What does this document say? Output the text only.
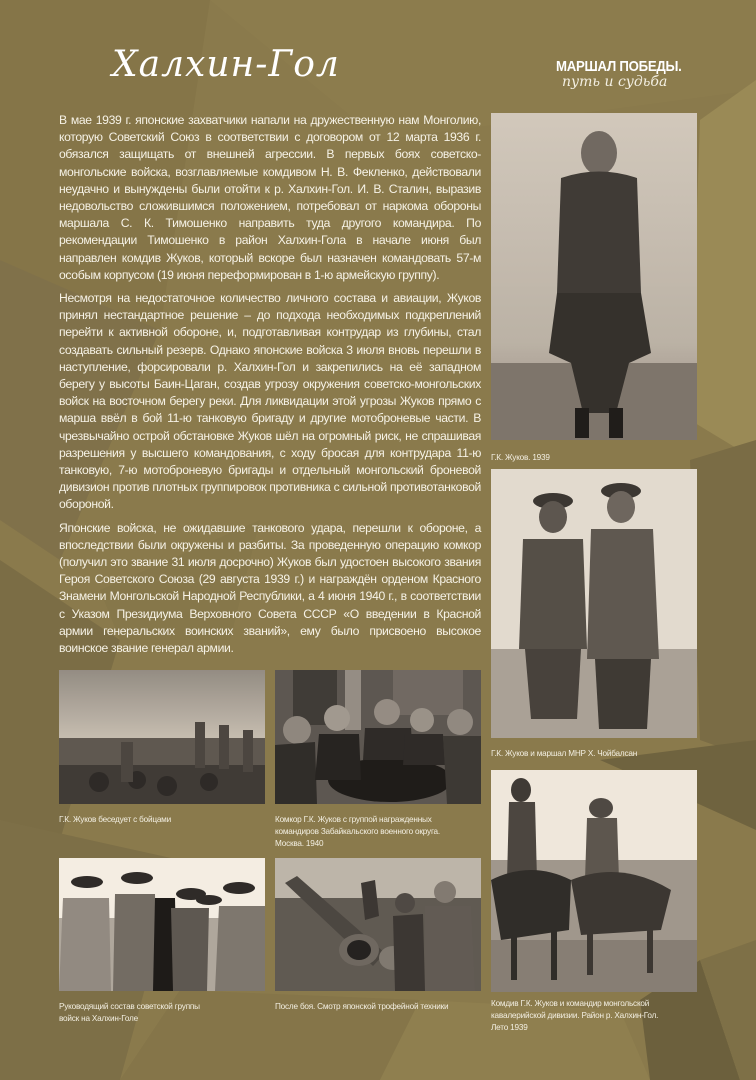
Халхин-Гол	МАРШАЛ ПОБЕДЫ.
путь и судьба

В мае 1939 г. японские захватчики напали на дружественную нам Монголию, которую Советский Союз в соответствии с договором от 12 марта 1936 г. обязался защищать от внешней агрессии. В первых боях советско-монгольские войска, возглавляемые комдивом Н. В. Фекленко, действовали неудачно и вынуждены были отойти к р. Халхин-Гол. И. В. Сталин, выразив недовольство сложившимся положением, потребовал от наркома обороны маршала С. К. Тимошенко направить туда другого командира. По рекомендации Тимошенко в район Халхин-Гола в начале июня был направлен комдив Жуков, который вскоре был назначен командовать 57-м особым корпусом (19 июня переформирован в 1-ю армейскую группу).

Несмотря на недостаточное количество личного состава и авиации, Жуков принял нестандартное решение – до подхода необходимых подкреплений перейти к активной обороне, и, подготавливая контрудар из глубины, стал создавать сильный резерв. Однако японские войска 3 июля вновь перешли в наступление, форсировали р. Халхин-Гол и закрепились на её западном берегу у высоты Баин-Цаган, создав угрозу окружения советско-монгольских войск на восточном берегу реки. Для ликвидации этой угрозы Жуков прямо с марша ввёл в бой 11-ю танковую бригаду и другие мотоброневые части. В чрезвычайно острой обстановке Жуков шёл на огромный риск, не спрашивая разрешения у высшего командования, с ходу бросая для контрудара 11-ю танковую, 7-ю мотоброневую бригады и отдельный монгольский броневой дивизион против плотных группировок противника с сильной противотанковой обороной.

Японские войска, не ожидавшие танкового удара, перешли к обороне, а впоследствии были окружены и разбиты. За проведенную операцию комкор (получил это звание 31 июля досрочно) Жуков был удостоен высокого звания Героя Советского Союза (29 августа 1939 г.) и награждён орденом Красного Знамени Монгольской Народной Республики, а 4 июня 1940 г., в соответствии с Указом Президиума Верховного Совета СССР «О введении в Красной армии генеральских воинских званий», ему было присвоено высокое воинское звание генерал армии.

Г.К. Жуков. 1939
Г.К. Жуков и маршал МНР Х. Чойбалсан
Комдив Г.К. Жуков и командир монгольской кавалерийской дивизии. Район р. Халхин-Гол. Лето 1939
Г.К. Жуков беседует с бойцами	Комкор Г.К. Жуков с группой награжденных командиров Забайкальского военного округа. Москва. 1940
Руководящий состав советской группы войск на Халхин-Голе
После боя. Смотр японской трофейной техники
